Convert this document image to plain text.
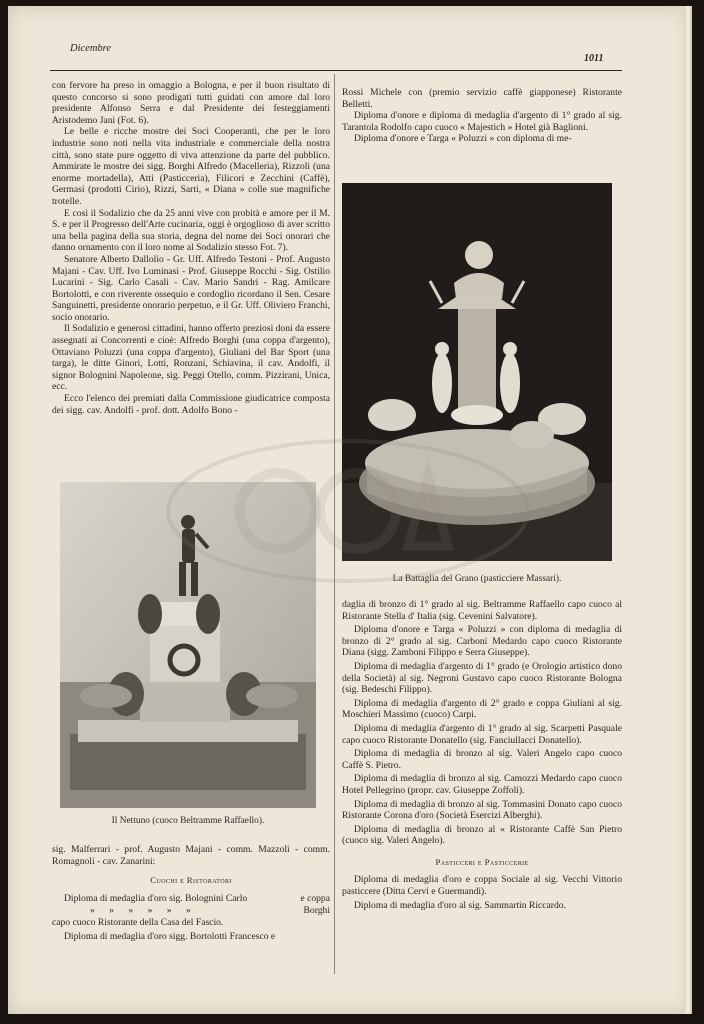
Dicembre
1011

con fervore ha preso in omaggio a Bologna, e per il buon risultato di questo concorso si sono prodigati tutti guidati con amore dal loro presidente Alfonso Serra e dal Presidente dei festeggiamenti Aristodemo Jani (Fot. 6).

Le belle e ricche mostre dei Soci Cooperanti, che per le loro industrie sono noti nella vita industriale e commerciale della nostra città, sono state pure oggetto di viva attenzione da parte del pubblico. Ammirate le mostre dei sigg. Borghi Alfredo (Macelleria), Rizzoli (una enorme mortadella), Atti (Pasticceria), Filicori e Zecchini (Caffè), Germasi (prodotti Cirio), Rizzi, Sarti, « Diana » colle sue magnifiche trotelle.

E così il Sodalizio che da 25 anni vive con probità e amore per il M. S. e per il Progresso dell'Arte cucinaria, oggi è orgoglioso di aver scritto una bella pagina della sua storia, degna del nome dei Soci onorari che danno ornamento con il loro nome al Sodalizio stesso Fot. 7).

Senatore Alberto Dallolio - Gr. Uff. Alfredo Testoni - Prof. Augusto Majani - Cav. Uff. Ivo Luminasi - Prof. Giuseppe Rocchi - Sig. Ostilio Lucarini - Sig. Carlo Casali - Cav. Mario Sandri - Rag. Amilcare Bortolotti, e con riverente ossequio e cordoglio ricordano il Sen. Cesare Sanguinetti, presidente onorario perpetuo, e il Gr. Uff. Oliviero Franchi, socio onorario.

Il Sodalizio e generosi cittadini, hanno offerto preziosi doni da essere assegnati ai Concorrenti e cioè: Alfredo Borghi (una coppa d'argento), Ottaviano Poluzzi (una coppa d'argento), Giuliani del Bar Sport (una targa), le ditte Ginori, Lotti, Ronzani, Schiavina, il cav. Andolfi, il signor Bolognini Napoleone, sig. Peggi Otello, comm. Pizzirani, Unica, ecc.

Ecco l'elenco dei premiati dalla Commissione giudicatrice composta dei sigg. cav. Andolfi - prof. dott. Adolfo Bono -

Il Nettuno (cuoco Beltramme Raffaello).

sig. Malferrari - prof. Augusto Majani - comm. Mazzoli - comm. Romagnoli - cav. Zanarini:

Cuochi e Ristoratori

Diploma di medaglia d'oro sig. Bolognini Carlo	e coppa
» » » » » »	Borghi
capo cuoco Ristorante della Casa del Fascio.

Diploma di medaglia d'oro sigg. Bortolotti Francesco e

Rossi Michele con (premio servizio caffè giapponese) Ristorante Belletti.

Diploma d'onore e diploma di medaglia d'argento di 1° grado al sig. Tarantola Rodolfo capo cuoco « Majestich » Hotel già Baglioni.

Diploma d'onore e Targa « Poluzzi » con diploma di me-

La Battaglia del Grano (pasticciere Massari).

daglia di bronzo di 1° grado al sig. Beltramme Raffaello capo cuoco al Ristorante Stella d' Italia (sig. Cevenini Salvatore).

Diploma d'onore e Targa « Poluzzi » con diploma di medaglia di bronzo di 2° grado al sig. Carboni Medardo capo cuoco Ristorante Diana (sigg. Zamboni Filippo e Serra Giuseppe).

Diploma di medaglia d'argento di 1° grado (e Orologio artistico dono della Società) al sig. Negroni Gustavo capo cuoco Ristorante Bologna (sig. Bedeschi Filippo).

Diploma di medaglia d'argento di 2° grado e coppa Giuliani al sig. Moschieri Massimo (cuoco) Carpi.

Diploma di medaglia d'argento di 1° grado al sig. Scarpetti Pasquale capo cuoco Ristorante Donatello (sig. Fanciullacci Donatello).

Diploma di medaglia di bronzo al sig. Valeri Angelo capo cuoco Caffè S. Pietro.

Diploma di medaglia di bronzo al sig. Camozzi Medardo capo cuoco Hotel Pellegrino (propr. cav. Giuseppe Zoffoli).

Diploma di medaglia di bronzo al sig. Tommasini Donato capo cuoco Ristorante Corona d'oro (Società Esercizi Alberghi).

Diploma di medaglia di bronzo al « Ristorante Caffè San Pietro (cuoco sig. Valeri Angelo).

Pasticceri e Pasticcerie

Diploma di medaglia d'oro e coppa Sociale al sig. Vecchi Vittorio pasticcere (Ditta Cervi e Guermandi).

Diploma di medaglia d'oro al sig. Sammartin Riccardo.
